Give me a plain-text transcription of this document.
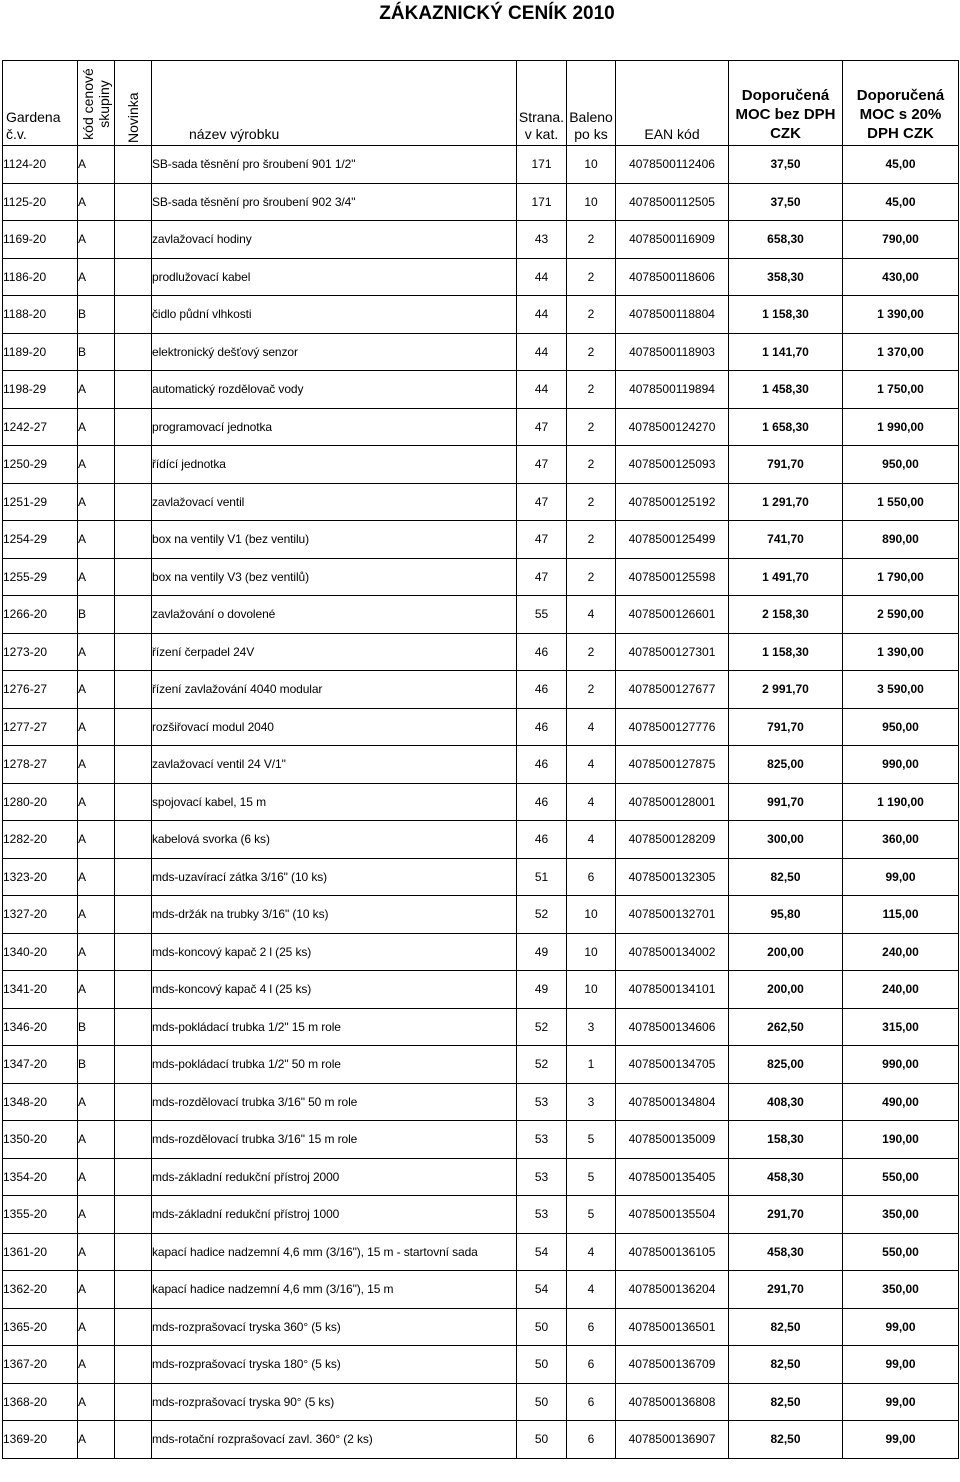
ZÁKAZNICKÝ CENÍK 2010
Gardena
č.v.	kód cenové skupiny	Novinka	název výrobku	Strana.
v kat.	Baleno
po ks	EAN kód	Doporučená
MOC bez DPH
CZK	Doporučená
MOC s 20%
DPH CZK

1124-20	A		SB-sada těsnění pro šroubení 901 1/2"	171	10	4078500112406	37,50	45,00
1125-20	A		SB-sada těsnění pro šroubení 902 3/4"	171	10	4078500112505	37,50	45,00
1169-20	A		zavlažovací hodiny	43	2	4078500116909	658,30	790,00
1186-20	A		prodlužovací kabel	44	2	4078500118606	358,30	430,00
1188-20	B		čidlo půdní vlhkosti	44	2	4078500118804	1 158,30	1 390,00
1189-20	B		elektronický dešťový senzor	44	2	4078500118903	1 141,70	1 370,00
1198-29	A		automatický rozdělovač vody	44	2	4078500119894	1 458,30	1 750,00
1242-27	A		programovací jednotka	47	2	4078500124270	1 658,30	1 990,00
1250-29	A		řídící jednotka	47	2	4078500125093	791,70	950,00
1251-29	A		zavlažovací ventil	47	2	4078500125192	1 291,70	1 550,00
1254-29	A		box na ventily V1 (bez ventilu)	47	2	4078500125499	741,70	890,00
1255-29	A		box na ventily V3 (bez ventilů)	47	2	4078500125598	1 491,70	1 790,00
1266-20	B		zavlažování o dovolené	55	4	4078500126601	2 158,30	2 590,00
1273-20	A		řízení čerpadel 24V	46	2	4078500127301	1 158,30	1 390,00
1276-27	A		řízení zavlažování 4040 modular	46	2	4078500127677	2 991,70	3 590,00
1277-27	A		rozšiřovací modul 2040	46	4	4078500127776	791,70	950,00
1278-27	A		zavlažovací ventil 24 V/1"	46	4	4078500127875	825,00	990,00
1280-20	A		spojovací kabel, 15 m	46	4	4078500128001	991,70	1 190,00
1282-20	A		kabelová svorka (6 ks)	46	4	4078500128209	300,00	360,00
1323-20	A		mds-uzavírací zátka 3/16" (10 ks)	51	6	4078500132305	82,50	99,00
1327-20	A		mds-držák na trubky 3/16" (10 ks)	52	10	4078500132701	95,80	115,00
1340-20	A		mds-koncový kapač 2 l (25 ks)	49	10	4078500134002	200,00	240,00
1341-20	A		mds-koncový kapač 4 l (25 ks)	49	10	4078500134101	200,00	240,00
1346-20	B		mds-pokládací trubka 1/2" 15 m role	52	3	4078500134606	262,50	315,00
1347-20	B		mds-pokládací trubka 1/2" 50 m role	52	1	4078500134705	825,00	990,00
1348-20	A		mds-rozdělovací trubka 3/16" 50 m role	53	3	4078500134804	408,30	490,00
1350-20	A		mds-rozdělovací trubka 3/16" 15 m role	53	5	4078500135009	158,30	190,00
1354-20	A		mds-základní redukční přístroj 2000	53	5	4078500135405	458,30	550,00
1355-20	A		mds-základní redukční přístroj 1000	53	5	4078500135504	291,70	350,00
1361-20	A		kapací hadice nadzemní 4,6 mm (3/16"), 15 m - startovní sada	54	4	4078500136105	458,30	550,00
1362-20	A		kapací hadice nadzemní 4,6 mm (3/16"), 15 m	54	4	4078500136204	291,70	350,00
1365-20	A		mds-rozprašovací tryska 360° (5 ks)	50	6	4078500136501	82,50	99,00
1367-20	A		mds-rozprašovací tryska 180° (5 ks)	50	6	4078500136709	82,50	99,00
1368-20	A		mds-rozprašovací tryska 90° (5 ks)	50	6	4078500136808	82,50	99,00
1369-20	A		mds-rotační rozprašovací zavl. 360° (2 ks)	50	6	4078500136907	82,50	99,00
